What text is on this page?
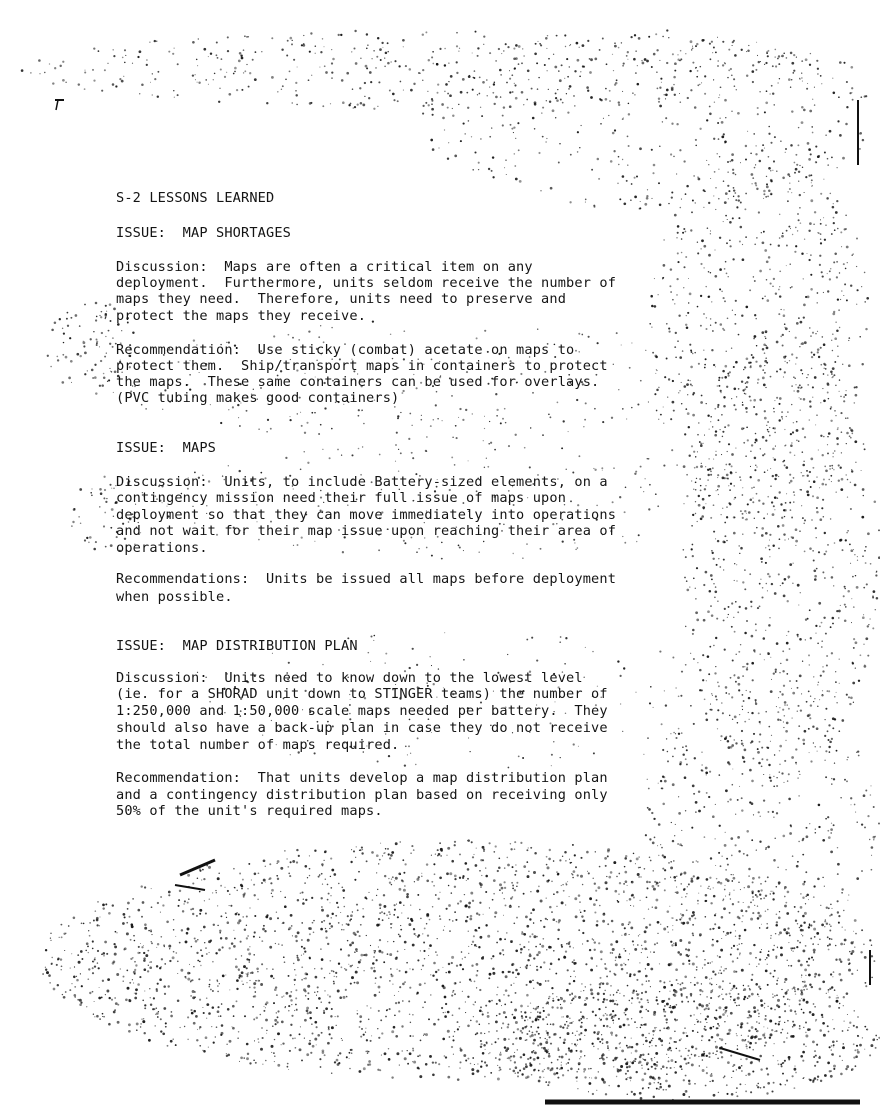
S-2 LESSONS LEARNED

ISSUE:  MAP SHORTAGES

Discussion:  Maps are often a critical item on any

deployment.  Furthermore, units seldom receive the number of

maps they need.  Therefore, units need to preserve and

protect the maps they receive.

Recommendation:  Use sticky (combat) acetate on maps to

protect them.  Ship/transport maps in containers to protect

the maps.  These same containers can be used for overlays.

(PVC tubing makes good containers)

ISSUE:  MAPS

Discussion:  Units, to include Battery-sized elements, on a

contingency mission need their full issue of maps upon

deployment so that they can move immediately into operations

and not wait for their map issue upon reaching their area of

operations.

Recommendations:  Units be issued all maps before deployment

when possible.

ISSUE:  MAP DISTRIBUTION PLAN

Discussion:  Units need to know down to the lowest level

(ie. for a SHORAD unit down to STINGER teams) the number of

1:250,000 and 1:50,000 scale maps needed per battery.  They

should also have a back-up plan in case they do not receive

the total number of maps required.

Recommendation:  That units develop a map distribution plan

and a contingency distribution plan based on receiving only

50% of the unit's required maps.
